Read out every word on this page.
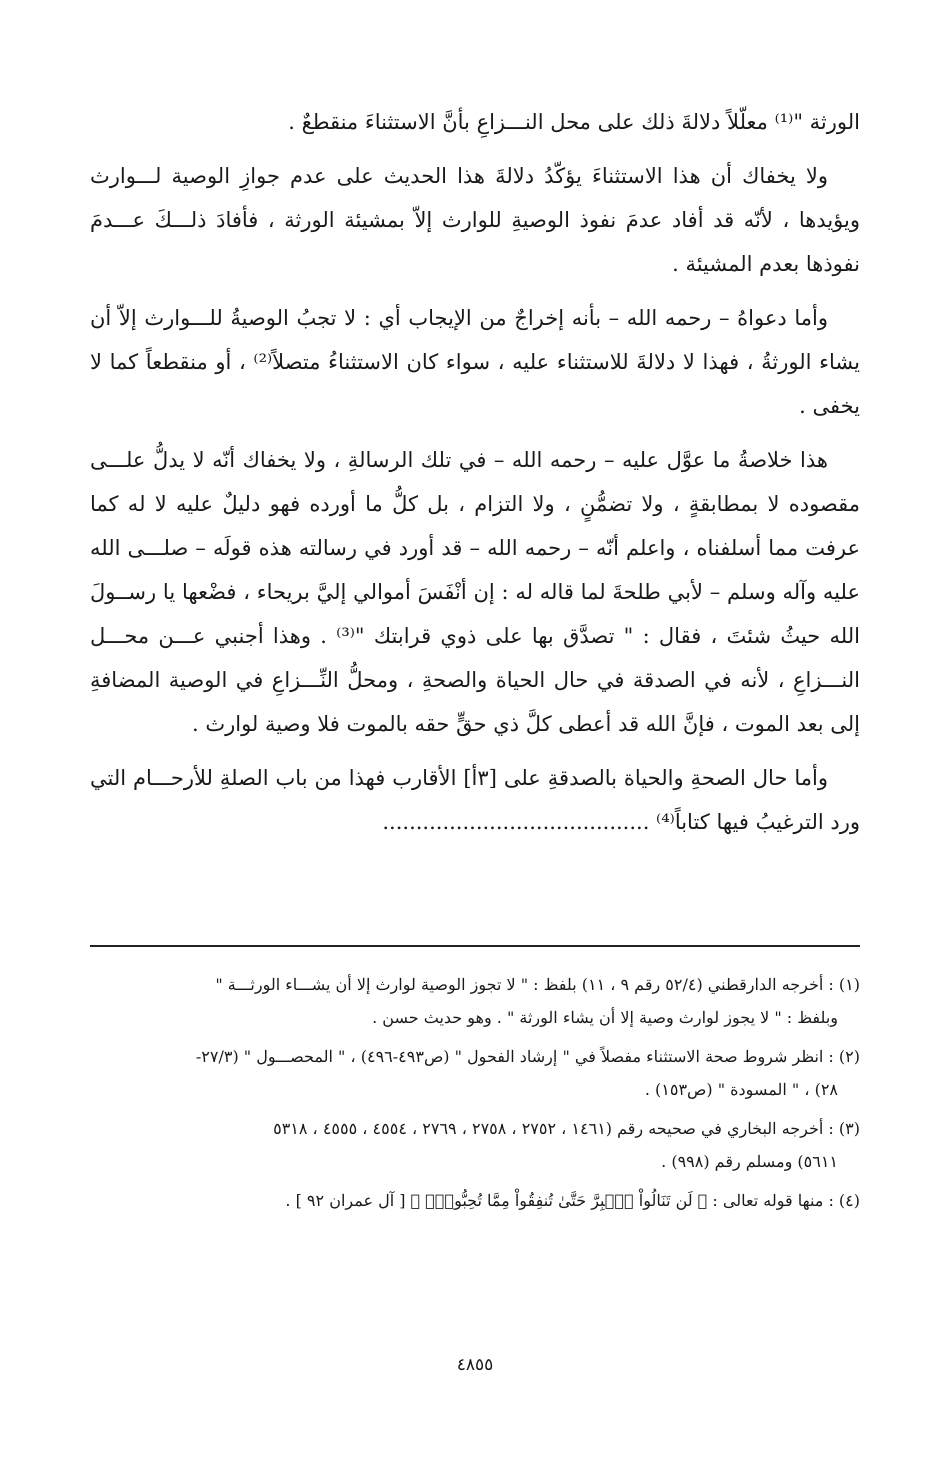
الورثة "⁽¹⁾ معلّلاً دلالةَ ذلك على محل النـــزاعِ بأنَّ الاستثناءَ منقطعٌ .

ولا يخفاك أن هذا الاستثناءَ يؤكّدُ دلالةَ هذا الحديث على عدم جوازِ الوصية لـــوارث ويؤيدها ، لأنّه قد أفاد عدمَ نفوذ الوصيةِ للوارث إلاّ بمشيئة الورثة ، فأفادَ ذلـــكَ عـــدمَ نفوذها بعدم المشيئة .

وأما دعواهُ – رحمه الله – بأنه إخراجٌ من الإيجاب أي : لا تجبُ الوصيةُ للـــوارث إلاّ أن يشاء الورثةُ ، فهذا لا دلالةَ للاستثناء عليه ، سواء كان الاستثناءُ متصلاً⁽²⁾ ، أو منقطعاً كما لا يخفى .

هذا خلاصةُ ما عوَّل عليه – رحمه الله – في تلك الرسالةِ ، ولا يخفاك أنّه لا يدلُّ علـــى مقصوده لا بمطابقةٍ ، ولا تضمُّنٍ ، ولا التزام ، بل كلُّ ما أورده فهو دليلٌ عليه لا له كما عرفت مما أسلفناه ، واعلم أنّه – رحمه الله – قد أورد في رسالته هذه قولَه – صلـــى الله عليه وآله وسلم – لأبي طلحةَ لما قاله له : إن أنْفَسَ أموالي إليَّ بريحاء ، فضْعها يا رســولَ الله حيثُ شئتَ ، فقال : " تصدَّق بها على ذوي قرابتك "⁽³⁾ . وهذا أجنبي عـــن محـــل النـــزاعِ ، لأنه في الصدقة في حال الحياة والصحةِ ، ومحلُّ النِّـــزاعِ في الوصية المضافةِ إلى بعد الموت ، فإنَّ الله قد أعطى كلَّ ذي حقٍّ حقه بالموت فلا وصية لوارث .

وأما حال الصحةِ والحياة بالصدقةِ على [٣أ] الأقارب فهذا من باب الصلةِ للأرحـــام التي ورد الترغيبُ فيها كتاباً⁽⁴⁾ ........................................

(١) : أخرجه الدارقطني (٥٢/٤ رقم ٩ ، ١١) بلفظ : " لا تجوز الوصية لوارث إلا أن يشـــاء الورثـــة "
وبلفظ : " لا يجوز لوارث وصية إلا أن يشاء الورثة " . وهو حديث حسن .
(٢) : انظر شروط صحة الاستثناء مفصلاً في " إرشاد الفحول " (ص٤٩٣-٤٩٦) ، " المحصـــول " (٢٧/٣-
٢٨) ، " المسودة " (ص١٥٣) .
(٣) : أخرجه البخاري في صحيحه رقم (١٤٦١ ، ٢٧٥٢ ، ٢٧٥٨ ، ٢٧٦٩ ، ٤٥٥٤ ، ٤٥٥٥ ، ٥٣١٨
٥٦١١) ومسلم رقم (٩٩٨) .
(٤) : منها قوله تعالى : ﴿ لَن تَنَالُواْ ٱلۡبِرَّ حَتَّىٰ تُنفِقُواْ مِمَّا تُحِبُّونَۚ ﴾ [ آل عمران ٩٢ ] .
٤٨٥٥
